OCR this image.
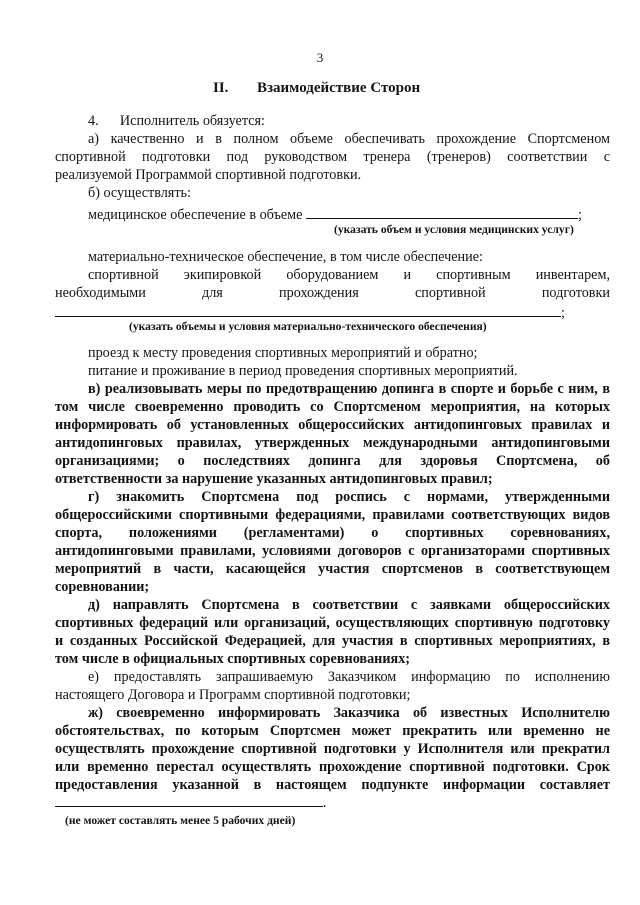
3
II. Взаимодействие Сторон
4.      Исполнитель обязуется:
а) качественно и в полном объеме обеспечивать прохождение Спортсменом
спортивной подготовки под руководством тренера (тренеров) соответствии с
реализуемой Программой спортивной подготовки.
б) осуществлять:
медицинское обеспечение в объеме	;
(указать объем и условия медицинских услуг)
материально-техническое обеспечение, в том числе обеспечение:
спортивной экипировкой оборудованием и спортивным инвентарем,
необходимыми для прохождения спортивной подготовки
;
(указать объемы и условия материально-технического обеспечения)
проезд к месту проведения спортивных мероприятий и обратно;
питание и проживание в период проведения спортивных мероприятий.
в) реализовывать меры по предотвращению допинга в спорте и борьбе с ним, в
том числе своевременно проводить со Спортсменом мероприятия, на которых
информировать об установленных общероссийских антидопинговых правилах и
антидопинговых правилах, утвержденных международными антидопинговыми
организациями; о последствиях допинга для здоровья Спортсмена, об
ответственности за нарушение указанных антидопинговых правил;
г) знакомить Спортсмена под роспись с нормами, утвержденными
общероссийскими спортивными федерациями, правилами соответствующих видов
спорта, положениями (регламентами) о спортивных соревнованиях,
антидопинговыми правилами, условиями договоров с организаторами спортивных
мероприятий в части, касающейся участия спортсменов в соответствующем
соревновании;
д) направлять Спортсмена в соответствии с заявками общероссийских
спортивных федераций или организаций, осуществляющих спортивную подготовку
и созданных Российской Федерацией, для участия в спортивных мероприятиях, в
том числе в официальных спортивных соревнованиях;
е) предоставлять запрашиваемую Заказчиком информацию по исполнению
настоящего Договора и Программ спортивной подготовки;
ж) своевременно информировать Заказчика об известных Исполнителю
обстоятельствах, по которым Спортсмен может прекратить или временно не
осуществлять прохождение спортивной подготовки у Исполнителя или прекратил
или временно перестал осуществлять прохождение спортивной подготовки. Срок
предоставления указанной в настоящем подпункте информации составляет
.
(не может составлять менее 5 рабочих дней)
